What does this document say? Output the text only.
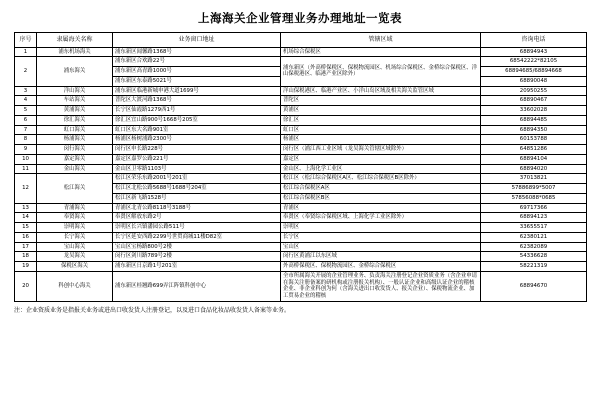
上海海关企业管理业务办理地址一览表
序号	隶属海关名称	业务窗口地址	管辖区域	咨询电话
1	浦东机场海关	浦东新区闻馨路1368号	机场综合保税区	68894943
2	浦东海关	浦东新区合欢路22号	浦东新区（外高桥保税区、保税物流园区、机场综合保税区、金桥综合保税区、洋山保税港区、临港产业区除外）	68542222*82105
		浦东新区高青路1000号		68894685/68894668
		浦东新区东泰路5021号		68890048
3	洋山海关	浦东新区临港新城申港大道1699号	洋山保税港区、临港产业区、小洋山岛区域及相关海关监管区域	20950255
4	车站海关	普陀区大渡河路1368号	普陀区	68890467
5	黄浦海关	长宁区仙霞路1279西1号	黄浦区	33602028
6	徐汇海关	徐汇区宜山路900号1668号205室	徐汇区	68894485
7	虹口海关	虹口区东大名路901室	虹口区	68894350
8	杨浦海关	杨浦区杨树浦路2300号	杨浦区	60153788
9	闵行海关	闵行区申长路228号	闵行区（浦江西工业区域（龙吴海关管辖区域除外）	64851286
10	嘉定海关	嘉定区嘉罗公路221号	嘉定区	68894104
11	金山海关	金山区卫零路1103号	金山区、上海化学工业区	68894020
12	松江海关	松江区荣乐东路2001号201室	松江区（松江综合保税区A区、松江综合保税区B区除外）	37013821
		松江区北松公路5688号1688号204室	松江综合保税区A区	57886899*5007
		松江区新飞路1528号	松江综合保税区B区	57856088*0685
13	青浦海关	青浦区北青公路8118号3188号	青浦区	69717366
14	奉贤海关	奉贤区解放东路2号	奉贤区（奉贤综合保税区域、上海化学工业区除外）	68894123
15	崇明海关	崇明区长兴镇潘园公路511号	崇明区	33655517
16	长宁海关	长宁区延安西路2299号世贸商城11楼D82室	长宁区	62380121
17	宝山海关	宝山区宝杨路800号2楼	宝山区	62382089
18	龙吴海关	闵行区剑川路789号2楼	闵行区黄浦江以东区域	54336628
19	保税区海关	浦东新区日京路1号201室	外高桥保税区、保税物流园区、金桥综合保税区	58221319
20	科创中心海关	浦东新区桂翘路699弄江阵镇科创中心	全市所属海关开展的企业管理业务、负责海关注册登记企业资质业务（含企业申请在海关注册备案的研机构或注册报关机构）、一般认证企业和高级认证企业的稽核企业、非企业科创为何（含海关进出口收发货人、报关企业）、保税物流企业、加工贸易企业的稽核	68894670
注：企业资质业务是指报关业务或进出口收发货人注册登记，以及进口食品化妆品收发货人备案等业务。
